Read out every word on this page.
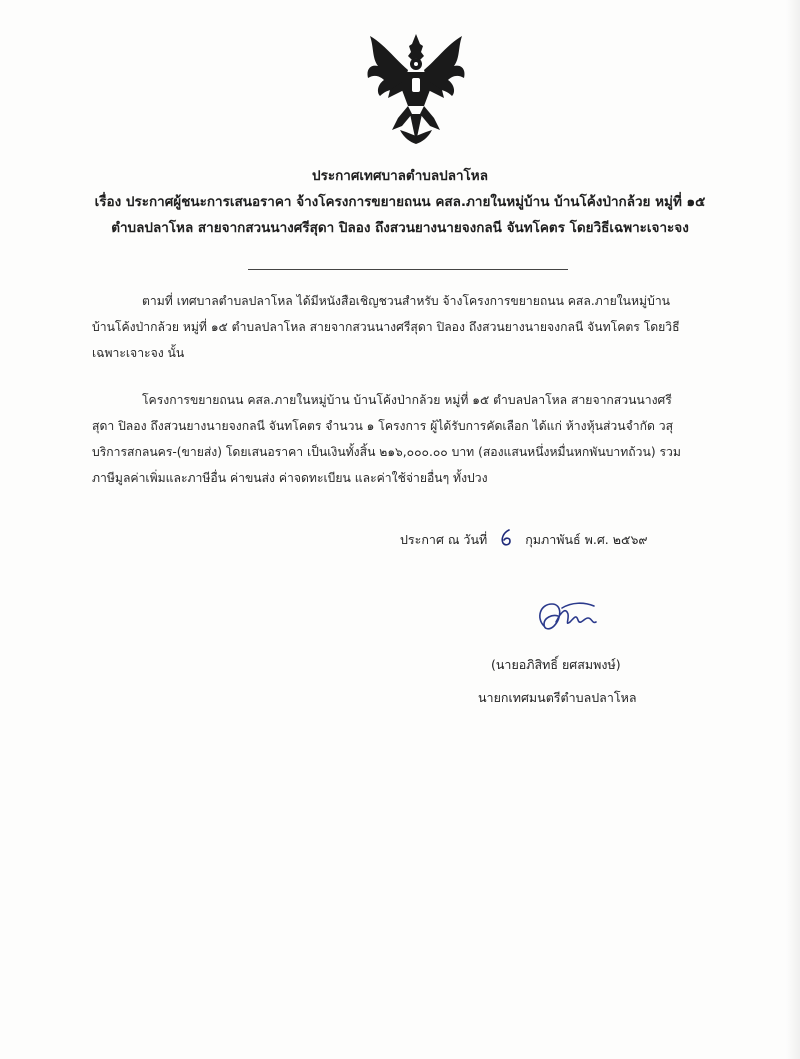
ประกาศเทศบาลตำบลปลาโหล
เรื่อง ประกาศผู้ชนะการเสนอราคา จ้างโครงการขยายถนน คสล.ภายในหมู่บ้าน บ้านโค้งป่ากล้วย หมู่ที่ ๑๕
ตำบลปลาโหล สายจากสวนนางศรีสุดา ปิลอง ถึงสวนยางนายจงกลนี จันทโคตร โดยวิธีเฉพาะเจาะจง
ตามที่ เทศบาลตำบลปลาโหล ได้มีหนังสือเชิญชวนสำหรับ จ้างโครงการขยายถนน คสล.ภายในหมู่บ้าน
บ้านโค้งป่ากล้วย หมู่ที่ ๑๕ ตำบลปลาโหล สายจากสวนนางศรีสุดา ปิลอง ถึงสวนยางนายจงกลนี จันทโคตร โดยวิธี
เฉพาะเจาะจง นั้น
โครงการขยายถนน คสล.ภายในหมู่บ้าน บ้านโค้งป่ากล้วย หมู่ที่ ๑๕ ตำบลปลาโหล สายจากสวนนางศรี
สุดา ปิลอง ถึงสวนยางนายจงกลนี จันทโคตร จำนวน ๑ โครงการ ผู้ได้รับการคัดเลือก ได้แก่ ห้างหุ้นส่วนจำกัด วสุ
บริการสกลนคร-(ขายส่ง) โดยเสนอราคา เป็นเงินทั้งสิ้น ๒๑๖,๐๐๐.๐๐ บาท (สองแสนหนึ่งหมื่นหกพันบาทถ้วน) รวม
ภาษีมูลค่าเพิ่มและภาษีอื่น ค่าขนส่ง ค่าจดทะเบียน และค่าใช้จ่ายอื่นๆ ทั้งปวง
ประกาศ ณ วันที่	กุมภาพันธ์ พ.ศ. ๒๕๖๙
(นายอภิสิทธิ์ ยศสมพงษ์)
นายกเทศมนตรีตำบลปลาโหล
